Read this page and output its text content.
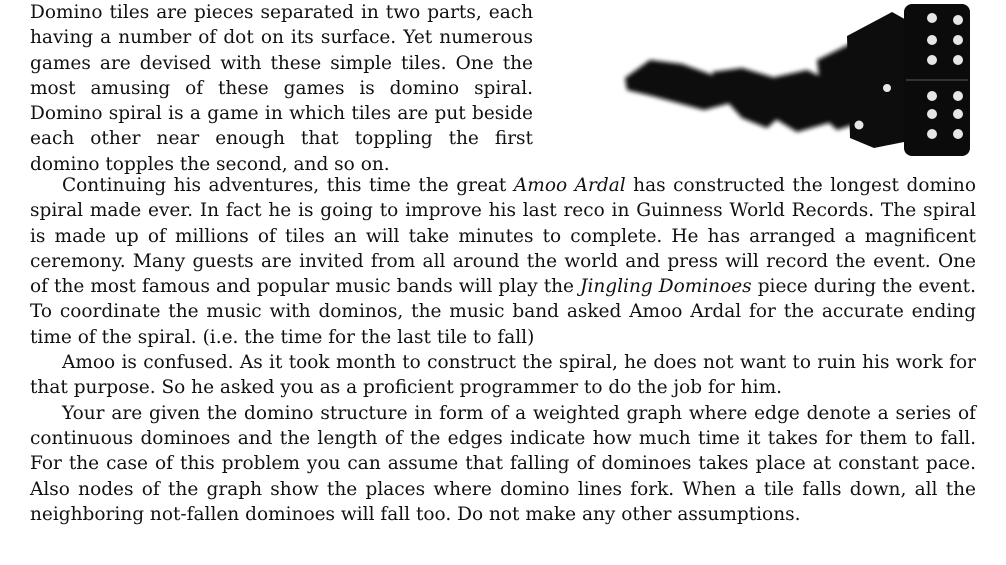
Domino tiles are pieces separated in two parts, each having a number of dot on its surface. Yet numerous games are devised with these simple tiles. One the most amusing of these games is domino spiral. Domino spiral is a game in which tiles are put beside each other near enough that toppling the first domino topples the second, and so on.

Continuing his adventures, this time the great Amoo Ardal has constructed the longest domino spiral made ever. In fact he is going to improve his last reco in Guinness World Records. The spiral is made up of millions of tiles an will take minutes to complete. He has arranged a magnificent ceremony. Many guests are invited from all around the world and press will record the event. One of the most famous and popular music bands will play the Jingling Dominoes piece during the event. To coordinate the music with dominos, the music band asked Amoo Ardal for the accurate ending time of the spiral. (i.e. the time for the last tile to fall)

Amoo is confused. As it took month to construct the spiral, he does not want to ruin his work for that purpose. So he asked you as a proficient programmer to do the job for him.

Your are given the domino structure in form of a weighted graph where edge denote a series of continuous dominoes and the length of the edges indicate how much time it takes for them to fall. For the case of this problem you can assume that falling of dominoes takes place at constant pace. Also nodes of the graph show the places where domino lines fork. When a tile falls down, all the neighboring not-fallen dominoes will fall too. Do not make any other assumptions.
